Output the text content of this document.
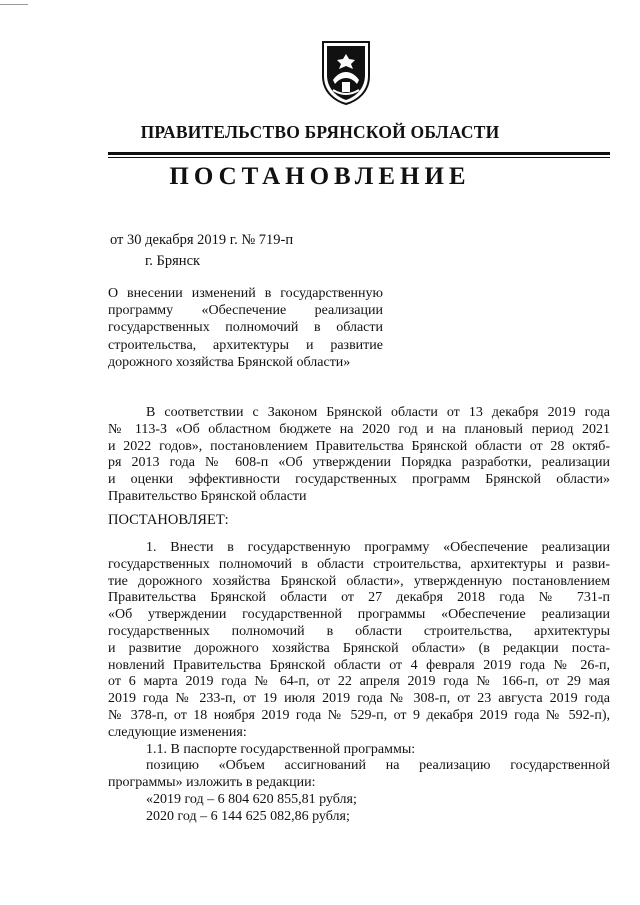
ПРАВИТЕЛЬСТВО БРЯНСКОЙ ОБЛАСТИ
ПОСТАНОВЛЕНИЕ
от 30 декабря 2019 г. № 719-п
г. Брянск
О внесении изменений в государственную
программу «Обеспечение реализации
государственных полномочий в области
строительства, архитектуры и развитие
дорожного хозяйства Брянской области»
В соответствии с Законом Брянской области от 13 декабря 2019 года
№ 113-З «Об областном бюджете на 2020 год и на плановый период 2021
и 2022 годов», постановлением Правительства Брянской области от 28 октяб-
ря 2013 года № 608-п «Об утверждении Порядка разработки, реализации
и оценки эффективности государственных программ Брянской области»
Правительство Брянской области
ПОСТАНОВЛЯЕТ:
1. Внести в государственную программу «Обеспечение реализации
государственных полномочий в области строительства, архитектуры и разви-
тие дорожного хозяйства Брянской области», утвержденную постановлением
Правительства Брянской области от 27 декабря 2018 года № 731-п
«Об утверждении государственной программы «Обеспечение реализации
государственных полномочий в области строительства, архитектуры
и развитие дорожного хозяйства Брянской области» (в редакции поста-
новлений Правительства Брянской области от 4 февраля 2019 года № 26-п,
от 6 марта 2019 года № 64-п, от 22 апреля 2019 года № 166-п, от 29 мая
2019 года № 233-п, от 19 июля 2019 года № 308-п, от 23 августа 2019 года
№ 378-п, от 18 ноября 2019 года № 529-п, от 9 декабря 2019 года № 592-п),
следующие изменения:
1.1. В паспорте государственной программы:
позицию «Объем ассигнований на реализацию государственной
программы» изложить в редакции:
«2019 год – 6 804 620 855,81 рубля;
2020 год – 6 144 625 082,86 рубля;
